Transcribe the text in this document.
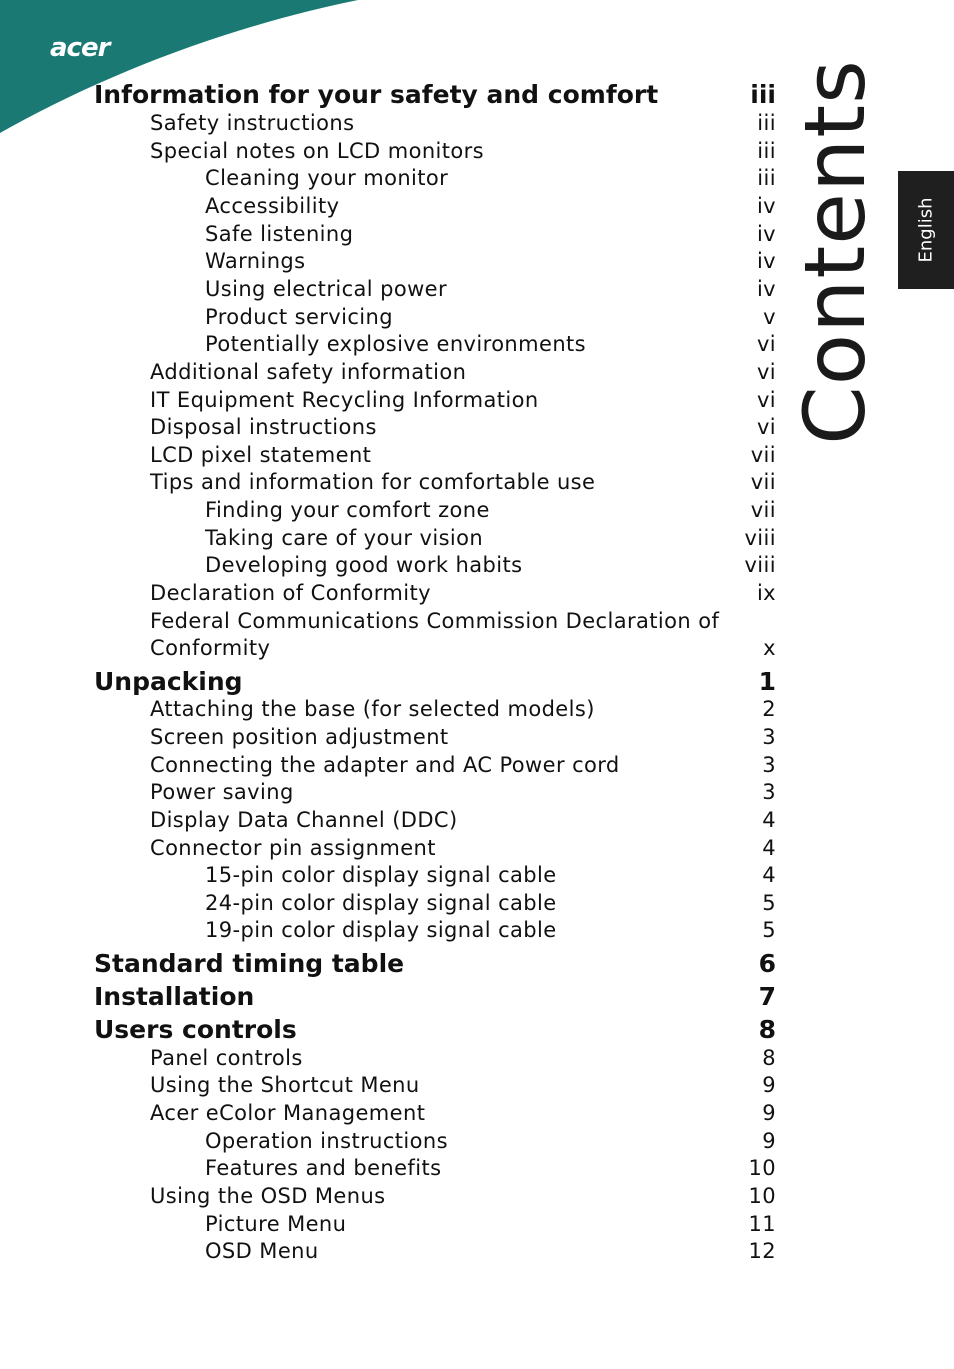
acer
English
Contents
Information for your safety and comfort	iii
Safety instructions	iii
Special notes on LCD monitors	iii
Cleaning your monitor	iii
Accessibility	iv
Safe listening	iv
Warnings	iv
Using electrical power	iv
Product servicing	v
Potentially explosive environments	vi
Additional safety information	vi
IT Equipment Recycling Information	vi
Disposal instructions	vi
LCD pixel statement	vii
Tips and information for comfortable use	vii
Finding your comfort zone	vii
Taking care of your vision	viii
Developing good work habits	viii
Declaration of Conformity	ix
Federal Communications Commission Declaration of
Conformity	x
Unpacking	1
Attaching the base (for selected models)	2
Screen position adjustment	3
Connecting the adapter and AC Power cord	3
Power saving	3
Display Data Channel (DDC)	4
Connector pin assignment	4
15-pin color display signal cable	4
24-pin color display signal cable	5
19-pin color display signal cable	5
Standard timing table	6
Installation	7
Users controls	8
Panel controls	8
Using the Shortcut Menu	9
Acer eColor Management	9
Operation instructions	9
Features and benefits	10
Using the OSD Menus	10
Picture Menu	11
OSD Menu	12
